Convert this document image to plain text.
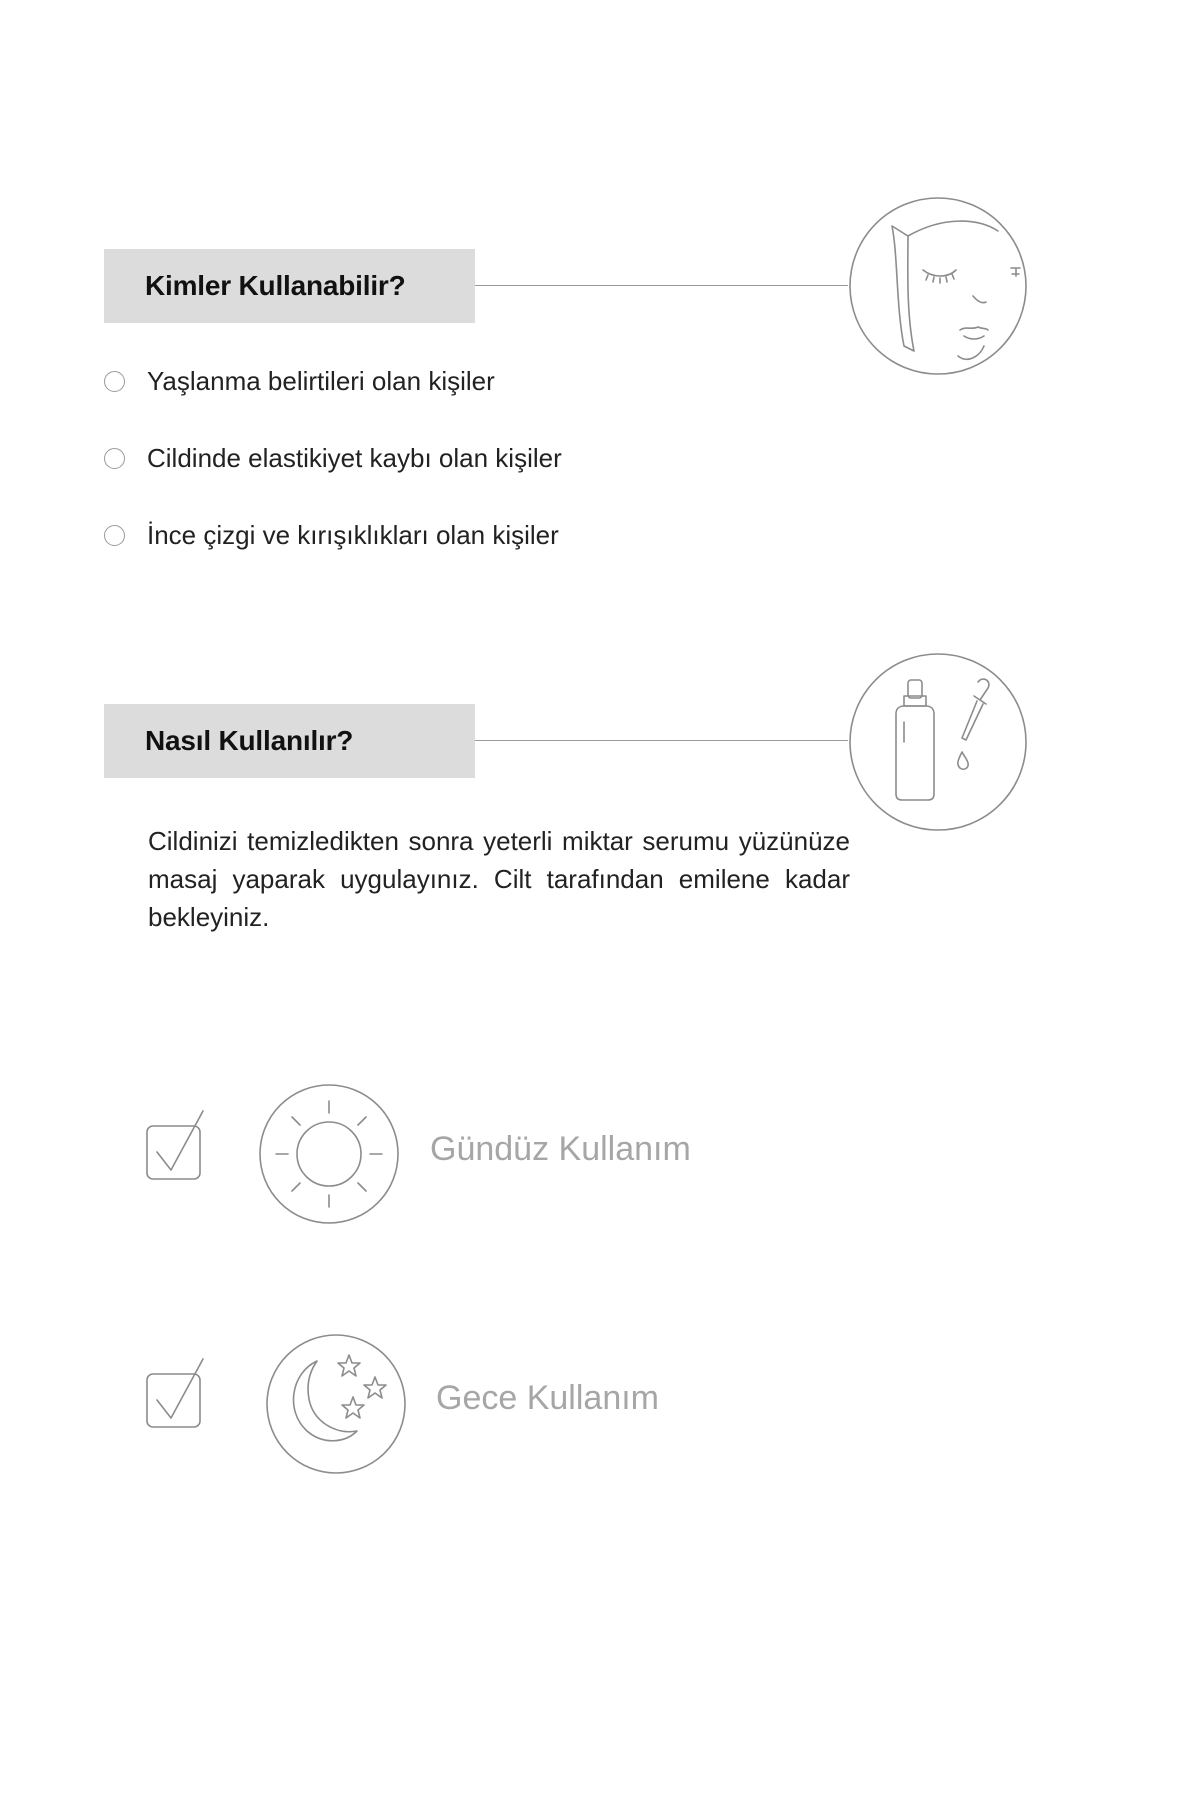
Kimler Kullanabilir?
Yaşlanma belirtileri olan kişiler
Cildinde elastikiyet kaybı olan kişiler
İnce çizgi ve kırışıklıkları olan kişiler
Nasıl Kullanılır?
Cildinizi temizledikten sonra yeterli miktar serumu yüzünüze masaj yaparak uygulayınız. Cilt tarafından emilene kadar bekleyiniz.
Gündüz Kullanım
Gece Kullanım
